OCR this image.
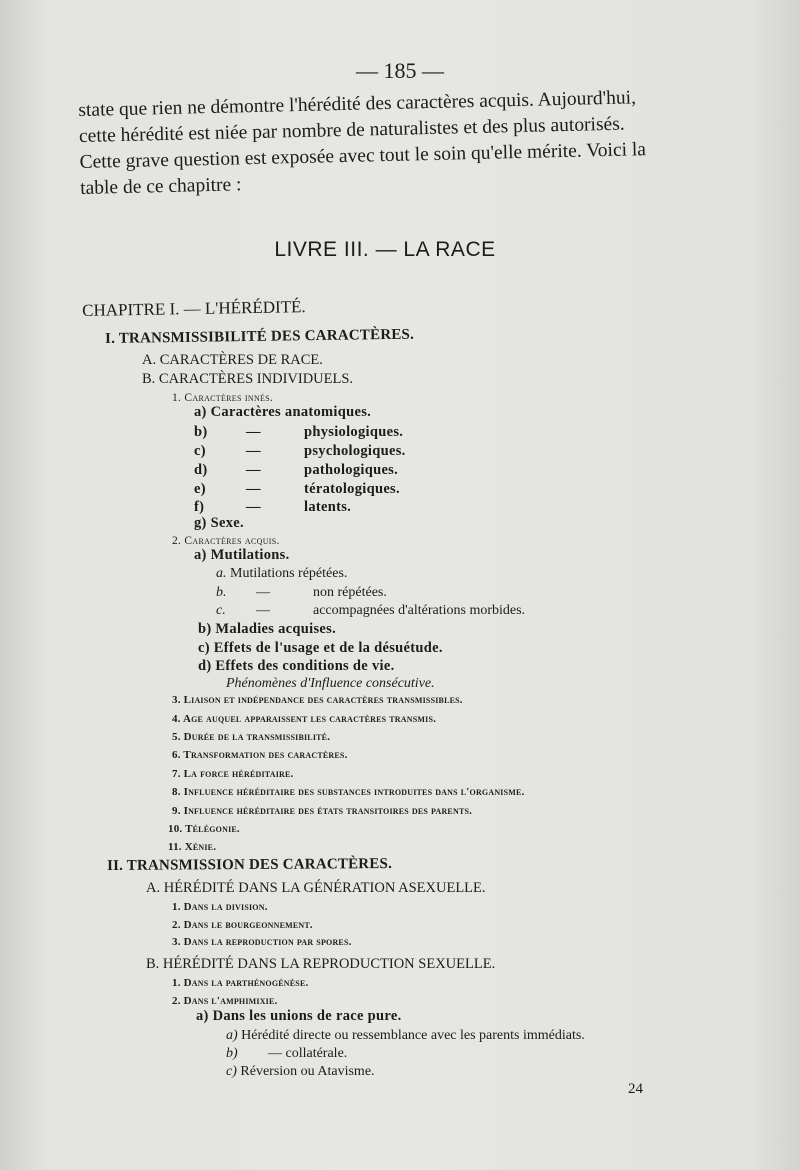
— 185 —
state que rien ne démontre l'hérédité des caractères acquis. Aujourd'hui,
cette hérédité est niée par nombre de naturalistes et des plus autorisés.
Cette grave question est exposée avec tout le soin qu'elle mérite. Voici la
table de ce chapitre :
LIVRE III. — LA RACE
CHAPITRE I. — L'HÉRÉDITÉ.
I. TRANSMISSIBILITÉ DES CARACTÈRES.
A. CARACTÈRES DE RACE.
B. CARACTÈRES INDIVIDUELS.
1. Caractères innés.
a) Caractères anatomiques.
b)	—	physiologiques.
c)	—	psychologiques.
d)	—	pathologiques.
e)	—	tératologiques.
f)	—	latents.
g) Sexe.
2. Caractères acquis.
a) Mutilations.
a. Mutilations répétées.
b. —	non répétées.
c. —	accompagnées d'altérations morbides.
b) Maladies acquises.
c) Effets de l'usage et de la désuétude.
d) Effets des conditions de vie.
Phénomènes d'Influence consécutive.
3. Liaison et indépendance des caractères transmissibles.
4. Age auquel apparaissent les caractères transmis.
5. Durée de la transmissibilité.
6. Transformation des caractères.
7. La force héréditaire.
8. Influence héréditaire des substances introduites dans l'organisme.
9. Influence héréditaire des états transitoires des parents.
10. Télégonie.
11. Xénie.
II. TRANSMISSION DES CARACTÈRES.
A. HÉRÉDITÉ DANS LA GÉNÉRATION ASEXUELLE.
1. Dans la division.
2. Dans le bourgeonnement.
3. Dans la reproduction par spores.
B. HÉRÉDITÉ DANS LA REPRODUCTION SEXUELLE.
1. Dans la parthénogénèse.
2. Dans l'amphimixie.
a) Dans les unions de race pure.
a) Hérédité directe ou ressemblance avec les parents immédiats.
b) — collatérale.
c) Réversion ou Atavisme.
24
